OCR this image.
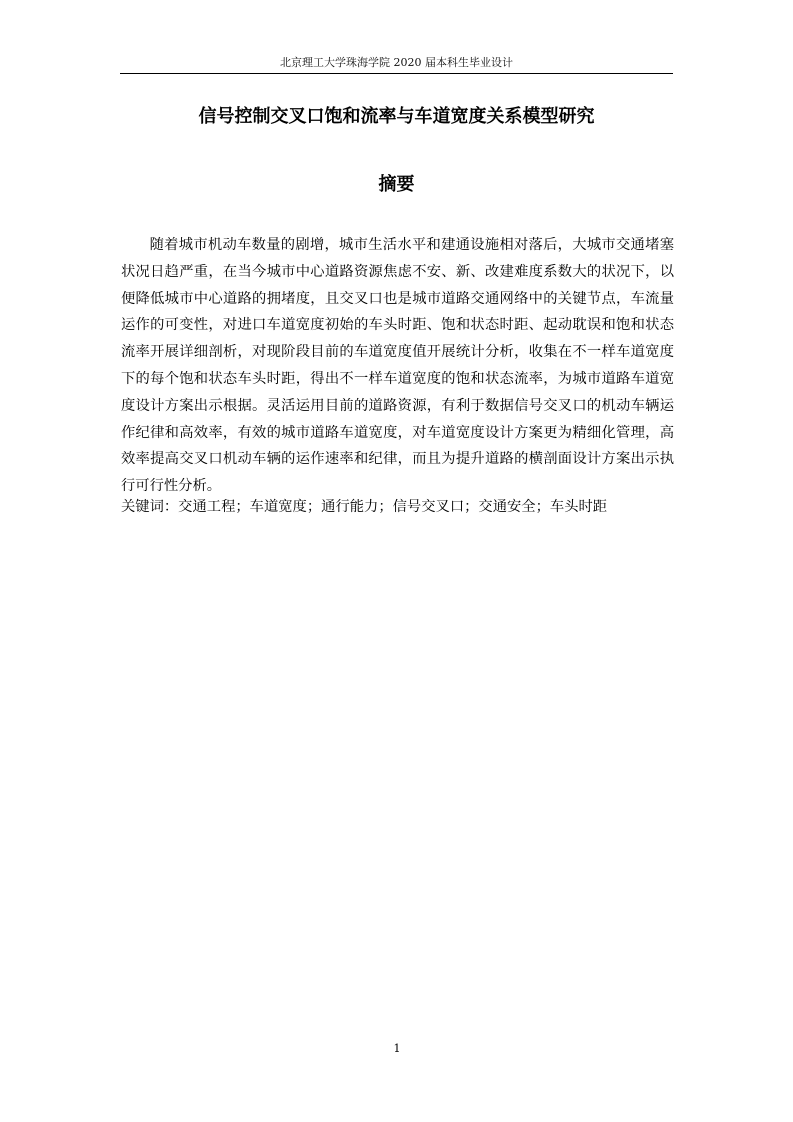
北京理工大学珠海学院 2020 届本科生毕业设计
信号控制交叉口饱和流率与车道宽度关系模型研究
摘要

随着城市机动车数量的剧增，城市生活水平和建通设施相对落后，大城市交通堵塞状况日趋严重，在当今城市中心道路资源焦虑不安、新、改建难度系数大的状况下，以便降低城市中心道路的拥堵度，且交叉口也是城市道路交通网络中的关键节点，车流量运作的可变性，对进口车道宽度初始的车头时距、饱和状态时距、起动耽误和饱和状态流率开展详细剖析，对现阶段目前的车道宽度值开展统计分析，收集在不一样车道宽度下的每个饱和状态车头时距，得出不一样车道宽度的饱和状态流率，为城市道路车道宽度设计方案出示根据。灵活运用目前的道路资源，有利于数据信号交叉口的机动车辆运作纪律和高效率，有效的城市道路车道宽度，对车道宽度设计方案更为精细化管理，高效率提高交叉口机动车辆的运作速率和纪律，而且为提升道路的横剖面设计方案出示执行可行性分析。

关键词：交通工程；车道宽度；通行能力；信号交叉口；交通安全；车头时距
1
